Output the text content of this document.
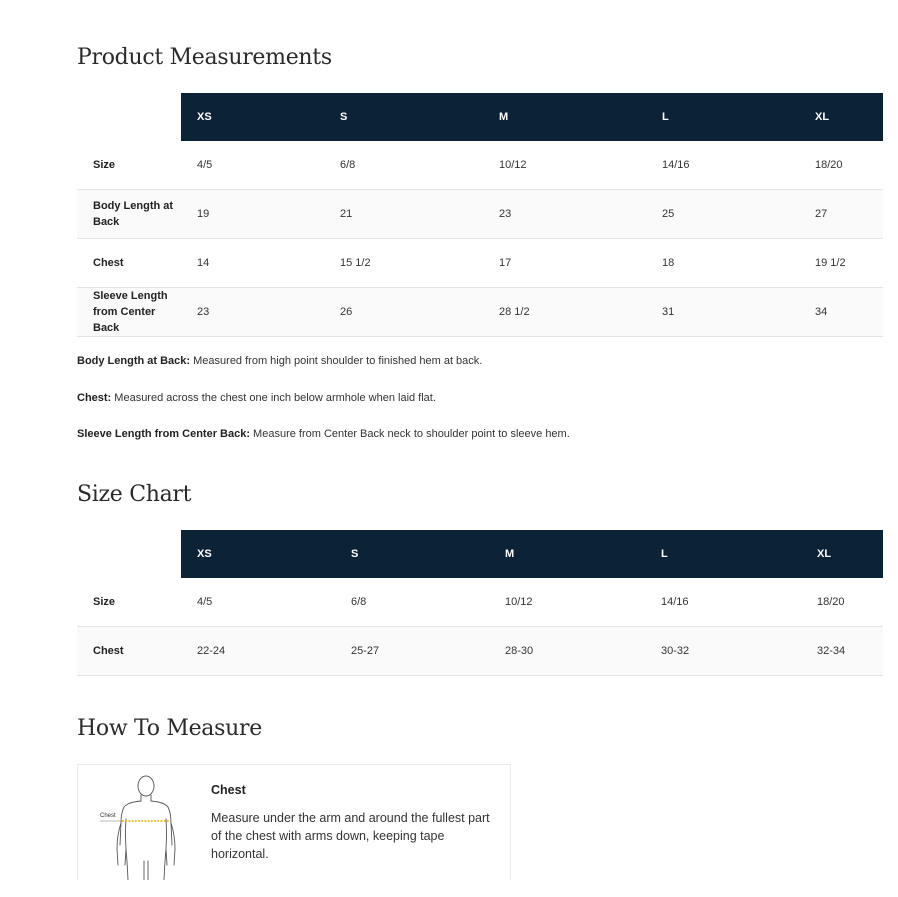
Product Measurements
	XS	S	M	L	XL
Size	4/5	6/8	10/12	14/16	18/20
Body Length at Back	19	21	23	25	27
Chest	14	15 1/2	17	18	19 1/2
Sleeve Length from Center Back	23	26	28 1/2	31	34
Body Length at Back: Measured from high point shoulder to finished hem at back.
Chest: Measured across the chest one inch below armhole when laid flat.
Sleeve Length from Center Back: Measure from Center Back neck to shoulder point to sleeve hem.
Size Chart
	XS	S	M	L	XL
Size	4/5	6/8	10/12	14/16	18/20
Chest	22-24	25-27	28-30	30-32	32-34
How To Measure
Chest
Chest
Measure under the arm and around the fullest part of the chest with arms down, keeping tape horizontal.
